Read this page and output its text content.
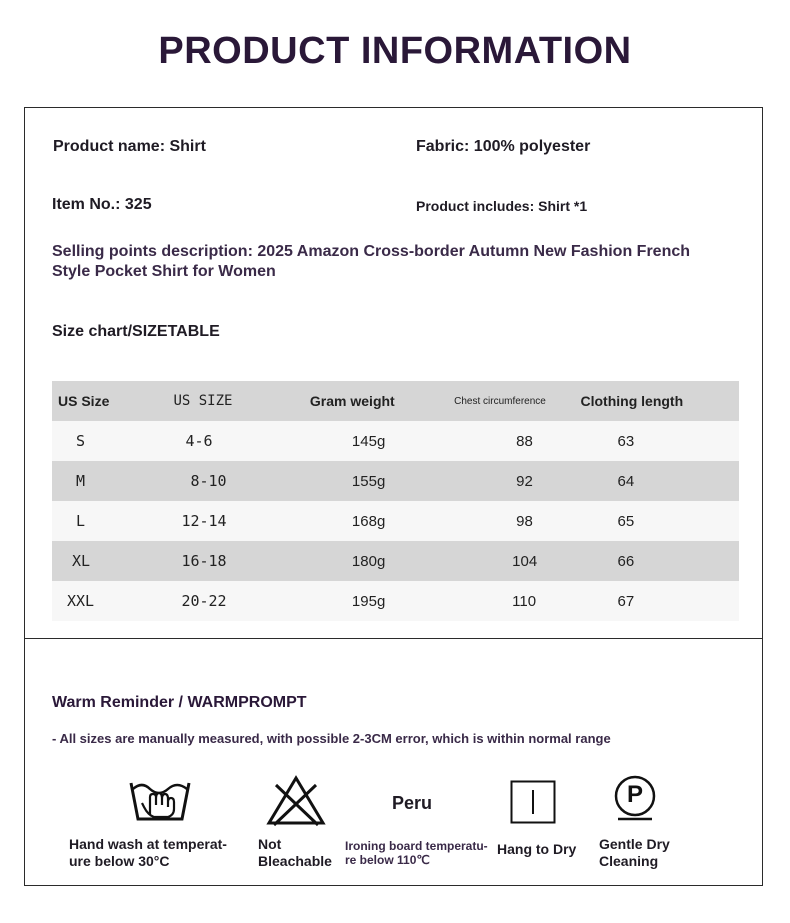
PRODUCT INFORMATION
Product name: Shirt	Fabric: 100% polyester
Item No.: 325	Product includes: Shirt *1
Selling points description: 2025 Amazon Cross-border Autumn New Fashion French Style Pocket Shirt for Women
Size chart/SIZETABLE
US Size	US SIZE	Gram weight	Chest circumference	Clothing length
S	4-6	145g	88	63
M	8-10	155g	92	64
L	12-14	168g	98	65
XL	16-18	180g	104	66
XXL	20-22	195g	110	67
Warm Reminder / WARMPROMPT
- All sizes are manually measured, with possible 2-3CM error, which is within normal range
Hand wash at temperat-
ure below 30°C
Not
Bleachable
Peru
Ironing board temperatu-
re below 110℃
Hang to Dry
P
Gentle Dry
Cleaning
